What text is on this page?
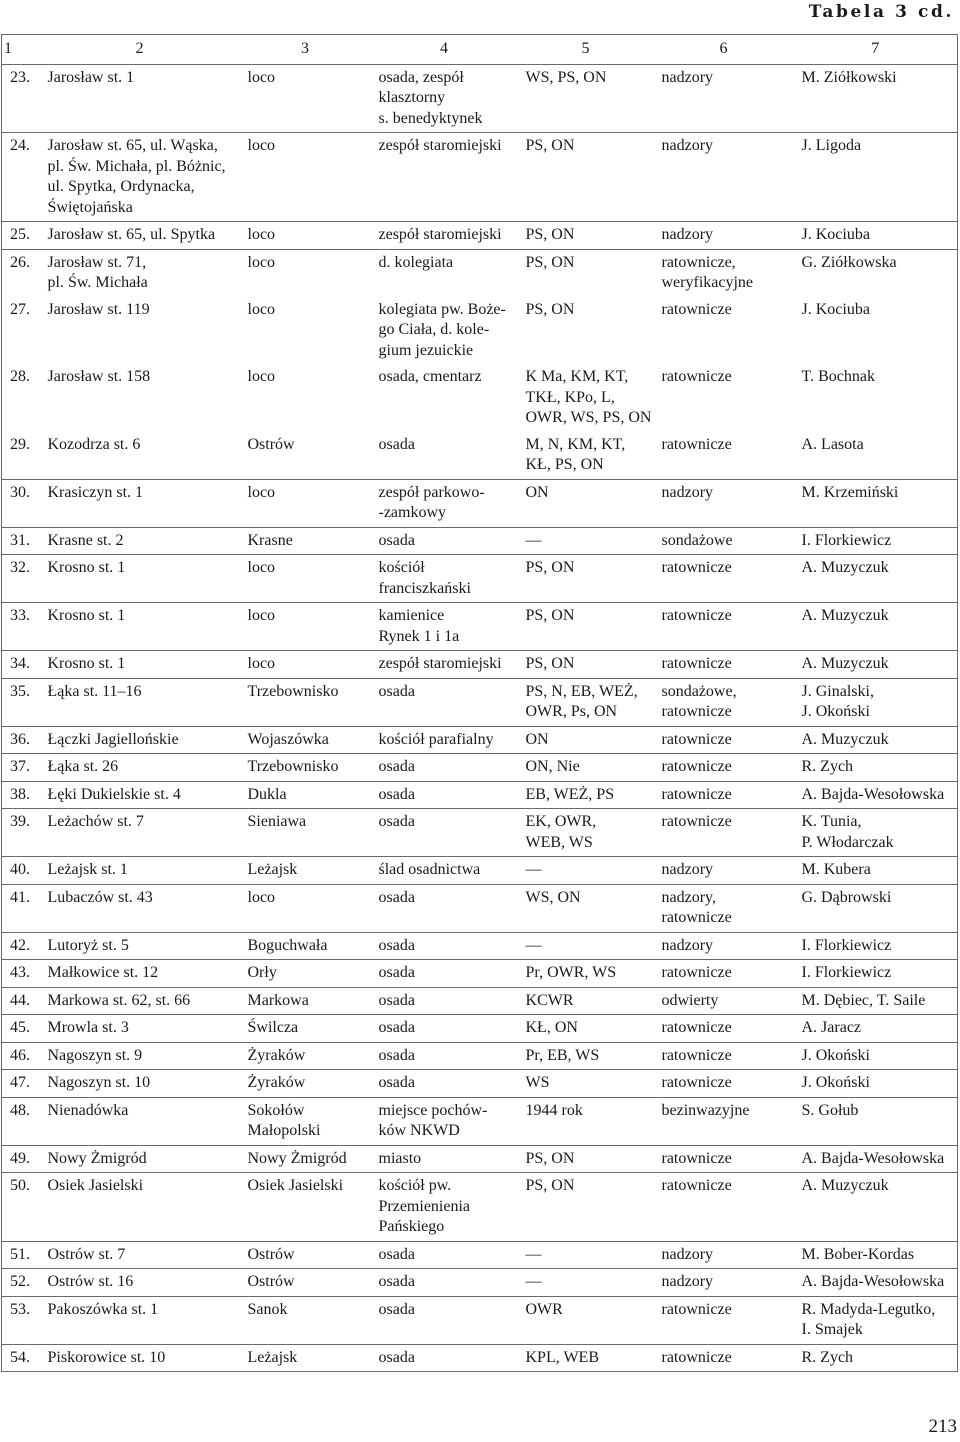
Tabela 3 cd.
1	2	3	4	5	6	7
23.	Jarosław st. 1	loco	osada, zespół
klasztorny
s. benedyktynek	WS, PS, ON	nadzory	M. Ziółkowski
24.	Jarosław st. 65, ul. Wąska,
pl. Św. Michała, pl. Bóżnic,
ul. Spytka, Ordynacka,
Świętojańska	loco	zespół staromiejski	PS, ON	nadzory	J. Ligoda
25.	Jarosław st. 65, ul. Spytka	loco	zespół staromiejski	PS, ON	nadzory	J. Kociuba
26.	Jarosław st. 71,
pl. Św. Michała	loco	d. kolegiata	PS, ON	ratownicze,
weryfikacyjne	G. Ziółkowska
27.	Jarosław st. 119	loco	kolegiata pw. Boże-
go Ciała, d. kole-
gium jezuickie	PS, ON	ratownicze	J. Kociuba
28.	Jarosław st. 158	loco	osada, cmentarz	K Ma, KM, KT,
TKŁ, KPo, L,
OWR, WS, PS, ON	ratownicze	T. Bochnak
29.	Kozodrza st. 6	Ostrów	osada	M, N, KM, KT,
KŁ, PS, ON	ratownicze	A. Lasota
30.	Krasiczyn st. 1	loco	zespół parkowo-
-zamkowy	ON	nadzory	M. Krzemiński
31.	Krasne st. 2	Krasne	osada	—	sondażowe	I. Florkiewicz
32.	Krosno st. 1	loco	kościół
franciszkański	PS, ON	ratownicze	A. Muzyczuk
33.	Krosno st. 1	loco	kamienice
Rynek 1 i 1a	PS, ON	ratownicze	A. Muzyczuk
34.	Krosno st. 1	loco	zespół staromiejski	PS, ON	ratownicze	A. Muzyczuk
35.	Łąka st. 11–16	Trzebownisko	osada	PS, N, EB, WEŻ,
OWR, Ps, ON	sondażowe,
ratownicze	J. Ginalski,
J. Okoński
36.	Łączki Jagiellońskie	Wojaszówka	kościół parafialny	ON	ratownicze	A. Muzyczuk
37.	Łąka st. 26	Trzebownisko	osada	ON, Nie	ratownicze	R. Zych
38.	Łęki Dukielskie st. 4	Dukla	osada	EB, WEŻ, PS	ratownicze	A. Bajda-Wesołowska
39.	Leżachów st. 7	Sieniawa	osada	EK, OWR,
WEB, WS	ratownicze	K. Tunia,
P. Włodarczak
40.	Leżajsk st. 1	Leżajsk	ślad osadnictwa	—	nadzory	M. Kubera
41.	Lubaczów st. 43	loco	osada	WS, ON	nadzory,
ratownicze	G. Dąbrowski
42.	Lutoryż st. 5	Boguchwała	osada	—	nadzory	I. Florkiewicz
43.	Małkowice st. 12	Orły	osada	Pr, OWR, WS	ratownicze	I. Florkiewicz
44.	Markowa st. 62, st. 66	Markowa	osada	KCWR	odwierty	M. Dębiec, T. Saile
45.	Mrowla st. 3	Świlcza	osada	KŁ, ON	ratownicze	A. Jaracz
46.	Nagoszyn st. 9	Żyraków	osada	Pr, EB, WS	ratownicze	J. Okoński
47.	Nagoszyn st. 10	Żyraków	osada	WS	ratownicze	J. Okoński
48.	Nienadówka	Sokołów
Małopolski	miejsce pochów-
ków NKWD	1944 rok	bezinwazyjne	S. Gołub
49.	Nowy Żmigród	Nowy Żmigród	miasto	PS, ON	ratownicze	A. Bajda-Wesołowska
50.	Osiek Jasielski	Osiek Jasielski	kościół pw.
Przemienienia
Pańskiego	PS, ON	ratownicze	A. Muzyczuk
51.	Ostrów st. 7	Ostrów	osada	—	nadzory	M. Bober-Kordas
52.	Ostrów st. 16	Ostrów	osada	—	nadzory	A. Bajda-Wesołowska
53.	Pakoszówka st. 1	Sanok	osada	OWR	ratownicze	R. Madyda-Legutko,
I. Smajek
54.	Piskorowice st. 10	Leżajsk	osada	KPL, WEB	ratownicze	R. Zych
213
